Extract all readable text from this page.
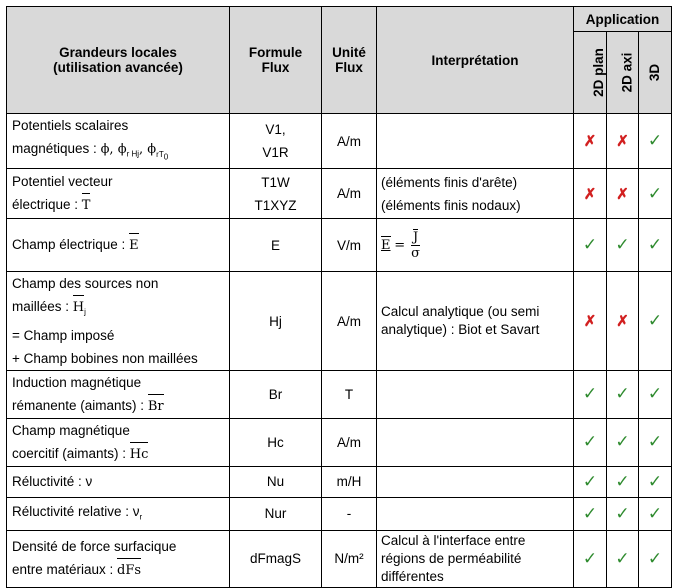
Grandeurs locales
(utilisation avancée)	Formule
Flux	Unité
Flux	Interprétation	Application		
				2D plan	2D axi	3D
Potentiels scalaires
magnétiques : ϕ, $\phi_{r Hj}$, $\phi_{rT_0}$	V1,
V1R	A/m		✗	✗	✓
Potentiel vecteur
électrique : T	T1W
T1XYZ	A/m	(éléments finis d'arête)
(éléments finis nodaux)	✗	✗	✓
Champ électrique : E	E	V/m	$E = \frac{J}{\sigma}$	✓	✓	✓
Champ des sources non
maillées : $H_j$
= Champ imposé
+ Champ bobines non maillées	Hj	A/m	Calcul analytique (ou semi
analytique) : Biot et Savart	✗	✗	✓
Induction magnétique
rémanente (aimants) : Br	Br	T		✓	✓	✓
Champ magnétique
coercitif (aimants) : Hc	Hc	A/m		✓	✓	✓
Réluctivité : ν	Nu	m/H		✓	✓	✓
Réluctivité relative : $\nu_r$	Nur	-		✓	✓	✓
Densité de force surfacique
entre matériaux : dFs	dFmagS	N/m²	Calcul à l'interface entre
régions de perméabilité
différentes	✓	✓	✓
